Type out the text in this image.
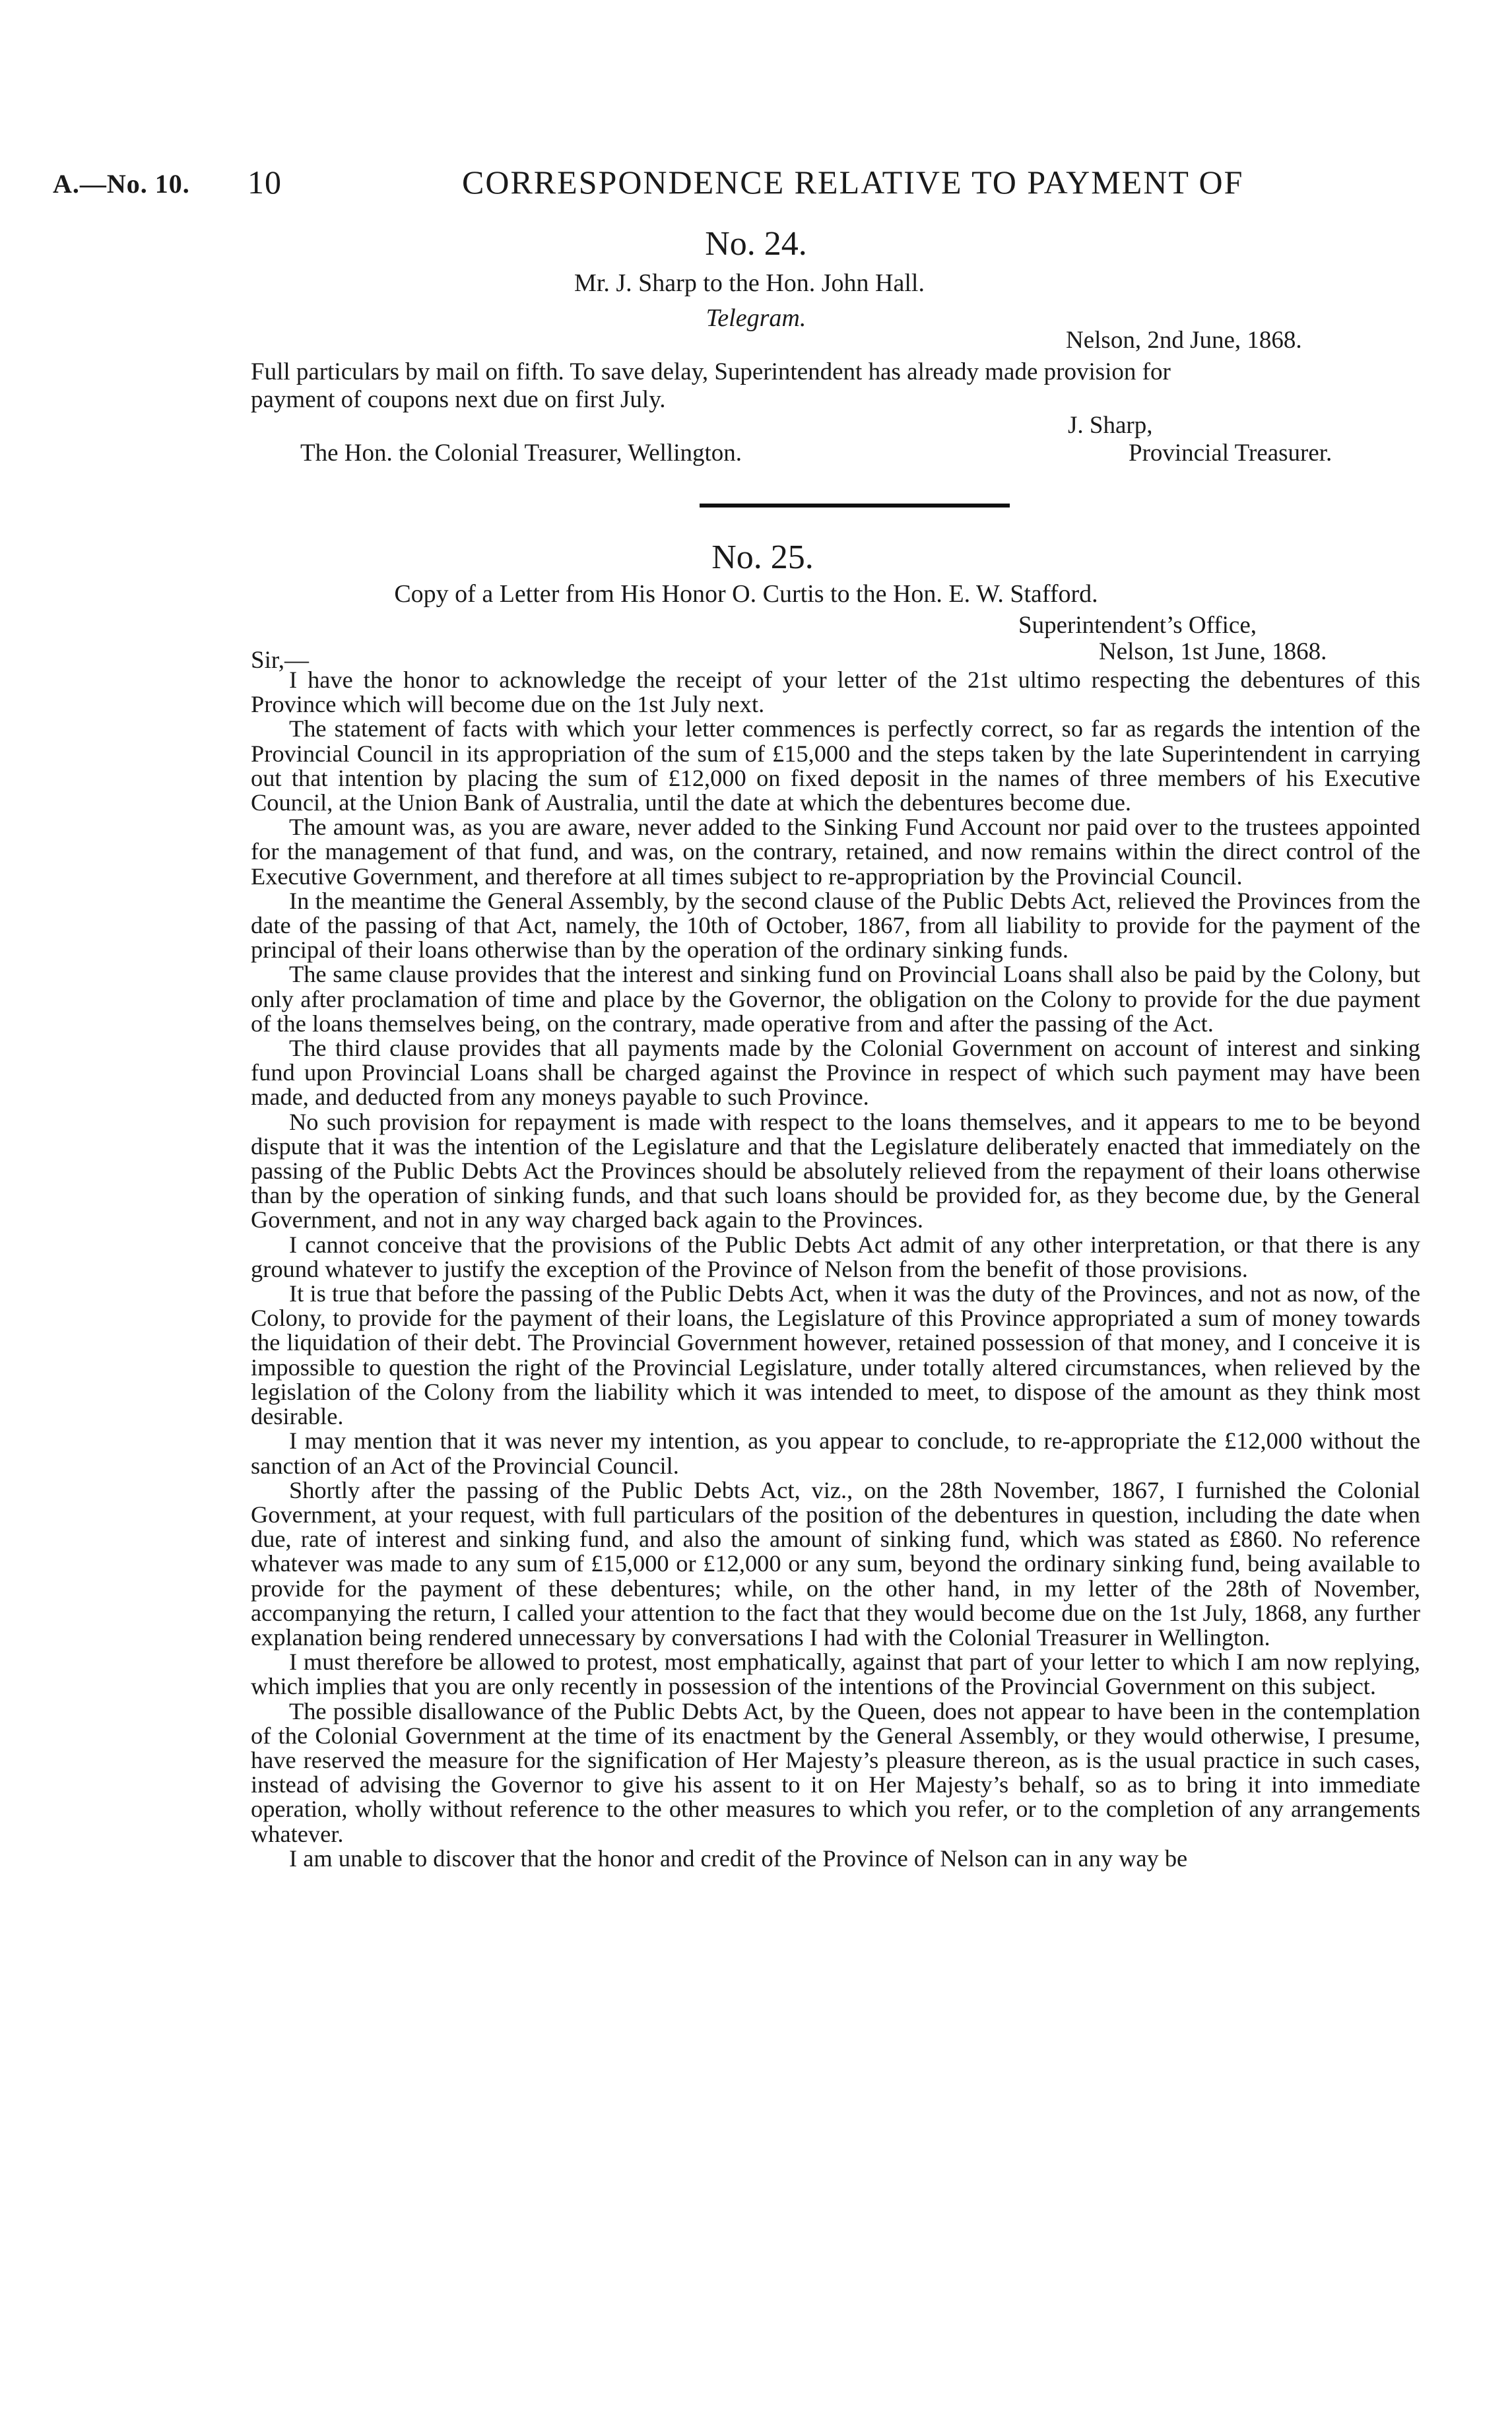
A.—No. 10. 10	CORRESPONDENCE RELATIVE TO PAYMENT OF
No. 24.
Mr. J. Sharp to the Hon. John Hall.
Telegram.
Nelson, 2nd June, 1868.
Full particulars by mail on fifth. To save delay, Superintendent has already made provision for
payment of coupons next due on first July.
J. Sharp,
The Hon. the Colonial Treasurer, Wellington.	Provincial Treasurer.
No. 25.
Copy of a Letter from His Honor O. Curtis to the Hon. E. W. Stafford.
Superintendent’s Office,
Nelson, 1st June, 1868.
Sir,—

I have the honor to acknowledge the receipt of your letter of the 21st ultimo respecting the debentures of this Province which will become due on the 1st July next.

The statement of facts with which your letter commences is perfectly correct, so far as regards the intention of the Provincial Council in its appropriation of the sum of £15,000 and the steps taken by the late Superintendent in carrying out that intention by placing the sum of £12,000 on fixed deposit in the names of three members of his Executive Council, at the Union Bank of Australia, until the date at which the debentures become due.

The amount was, as you are aware, never added to the Sinking Fund Account nor paid over to the trustees appointed for the management of that fund, and was, on the contrary, retained, and now remains within the direct control of the Executive Government, and therefore at all times subject to re-appropriation by the Provincial Council.

In the meantime the General Assembly, by the second clause of the Public Debts Act, relieved the Provinces from the date of the passing of that Act, namely, the 10th of October, 1867, from all liability to provide for the payment of the principal of their loans otherwise than by the operation of the ordinary sinking funds.

The same clause provides that the interest and sinking fund on Provincial Loans shall also be paid by the Colony, but only after proclamation of time and place by the Governor, the obligation on the Colony to provide for the due payment of the loans themselves being, on the contrary, made operative from and after the passing of the Act.

The third clause provides that all payments made by the Colonial Government on account of interest and sinking fund upon Provincial Loans shall be charged against the Province in respect of which such payment may have been made, and deducted from any moneys payable to such Province.

No such provision for repayment is made with respect to the loans themselves, and it appears to me to be beyond dispute that it was the intention of the Legislature and that the Legislature deliberately enacted that immediately on the passing of the Public Debts Act the Provinces should be absolutely relieved from the repayment of their loans otherwise than by the operation of sinking funds, and that such loans should be provided for, as they become due, by the General Government, and not in any way charged back again to the Provinces.

I cannot conceive that the provisions of the Public Debts Act admit of any other interpretation, or that there is any ground whatever to justify the exception of the Province of Nelson from the benefit of those provisions.

It is true that before the passing of the Public Debts Act, when it was the duty of the Provinces, and not as now, of the Colony, to provide for the payment of their loans, the Legislature of this Province appropriated a sum of money towards the liquidation of their debt. The Provincial Government however, retained possession of that money, and I conceive it is impossible to question the right of the Provincial Legislature, under totally altered circumstances, when relieved by the legislation of the Colony from the liability which it was intended to meet, to dispose of the amount as they think most desirable.

I may mention that it was never my intention, as you appear to conclude, to re-appropriate the £12,000 without the sanction of an Act of the Provincial Council.

Shortly after the passing of the Public Debts Act, viz., on the 28th November, 1867, I furnished the Colonial Government, at your request, with full particulars of the position of the debentures in question, including the date when due, rate of interest and sinking fund, and also the amount of sinking fund, which was stated as £860. No reference whatever was made to any sum of £15,000 or £12,000 or any sum, beyond the ordinary sinking fund, being available to provide for the payment of these debentures; while, on the other hand, in my letter of the 28th of November, accompanying the return, I called your attention to the fact that they would become due on the 1st July, 1868, any further explanation being rendered unnecessary by conversations I had with the Colonial Treasurer in Wellington.

I must therefore be allowed to protest, most emphatically, against that part of your letter to which I am now replying, which implies that you are only recently in possession of the intentions of the Provincial Government on this subject.

The possible disallowance of the Public Debts Act, by the Queen, does not appear to have been in the contemplation of the Colonial Government at the time of its enactment by the General Assembly, or they would otherwise, I presume, have reserved the measure for the signification of Her Majesty’s pleasure thereon, as is the usual practice in such cases, instead of advising the Governor to give his assent to it on Her Majesty’s behalf, so as to bring it into immediate operation, wholly without reference to the other measures to which you refer, or to the completion of any arrangements whatever.

I am unable to discover that the honor and credit of the Province of Nelson can in any way be
